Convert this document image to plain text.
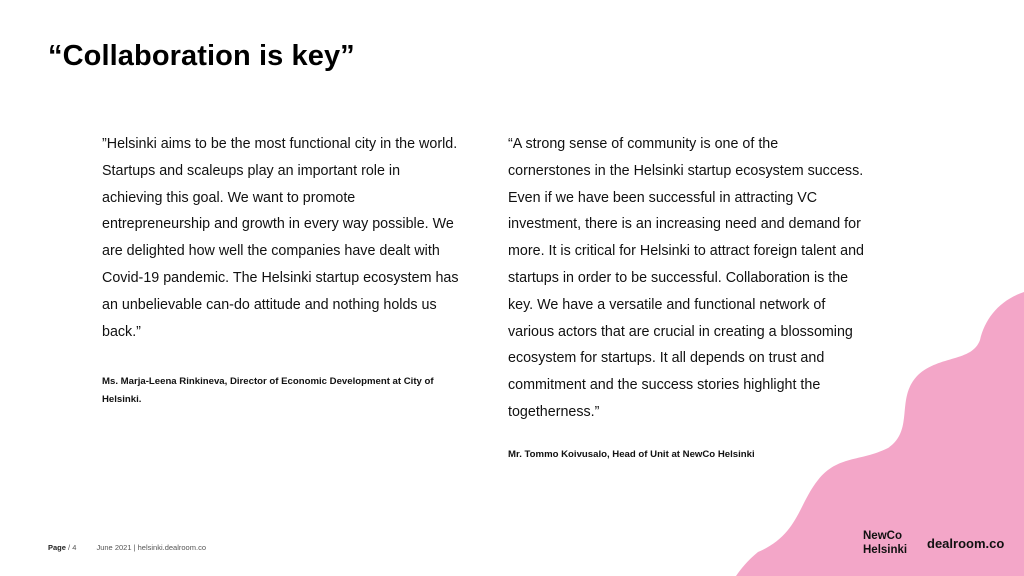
“Collaboration is key”

”Helsinki aims to be the most functional city in the world. Startups and scaleups play an important role in achieving this goal. We want to promote entrepreneurship and growth in every way possible. We are delighted how well the companies have dealt with Covid-19 pandemic. The Helsinki startup ecosystem has an unbelievable can-do attitude and nothing holds us back.”

Ms. Marja-Leena Rinkineva, Director of Economic Development at City of Helsinki.

“A strong sense of community is one of the cornerstones in the Helsinki startup ecosystem success. Even if we have been successful in attracting VC investment, there is an increasing need and demand for more. It is critical for Helsinki to attract foreign talent and startups in order to be successful. Collaboration is the key. We have a versatile and functional network of various actors that are crucial in creating a blossoming ecosystem for startups. It all depends on trust and commitment and the success stories highlight the togetherness.”

Mr. Tommo Koivusalo, Head of Unit at NewCo Helsinki

Page / 4	June 2021 | helsinki.dealroom.co
NewCo
Helsinki dealroom.co
